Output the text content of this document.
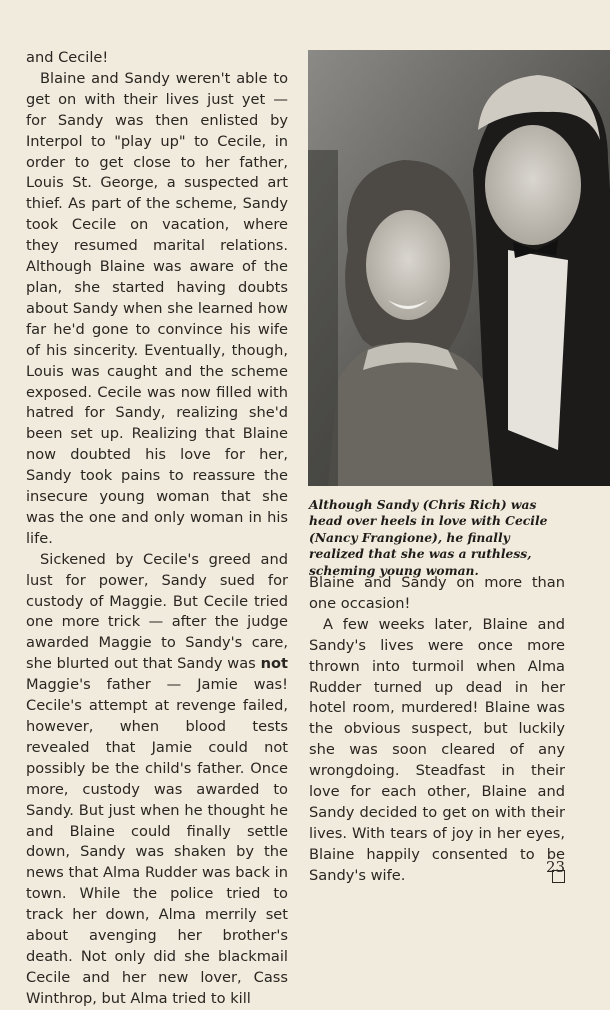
and Cecile!

Blaine and Sandy weren't able to get on with their lives just yet — for Sandy was then enlisted by Interpol to "play up" to Cecile, in order to get close to her father, Louis St. George, a suspected art thief. As part of the scheme, Sandy took Cecile on vacation, where they resumed marital relations. Although Blaine was aware of the plan, she started having doubts about Sandy when she learned how far he'd gone to convince his wife of his sincerity. Eventually, though, Louis was caught and the scheme exposed. Cecile was now filled with hatred for Sandy, realizing she'd been set up. Realizing that Blaine now doubted his love for her, Sandy took pains to reassure the insecure young woman that she was the one and only woman in his life.

Sickened by Cecile's greed and lust for power, Sandy sued for custody of Maggie. But Cecile tried one more trick — after the judge awarded Maggie to Sandy's care, she blurted out that Sandy was not Maggie's father — Jamie was! Cecile's attempt at revenge failed, however, when blood tests revealed that Jamie could not possibly be the child's father. Once more, custody was awarded to Sandy. But just when he thought he and Blaine could finally settle down, Sandy was shaken by the news that Alma Rudder was back in town. While the police tried to track her down, Alma merrily set about avenging her brother's death. Not only did she blackmail Cecile and her new lover, Cass Winthrop, but Alma tried to kill

Although Sandy (Chris Rich) was head over heels in love with Cecile (Nancy Frangione), he finally realized that she was a ruthless, scheming young woman.

Blaine and Sandy on more than one occasion!

A few weeks later, Blaine and Sandy's lives were once more thrown into turmoil when Alma Rudder turned up dead in her hotel room, murdered! Blaine was the obvious suspect, but luckily she was soon cleared of any wrongdoing. Steadfast in their love for each other, Blaine and Sandy decided to get on with their lives. With tears of joy in her eyes, Blaine happily consented to be Sandy's wife.	23
